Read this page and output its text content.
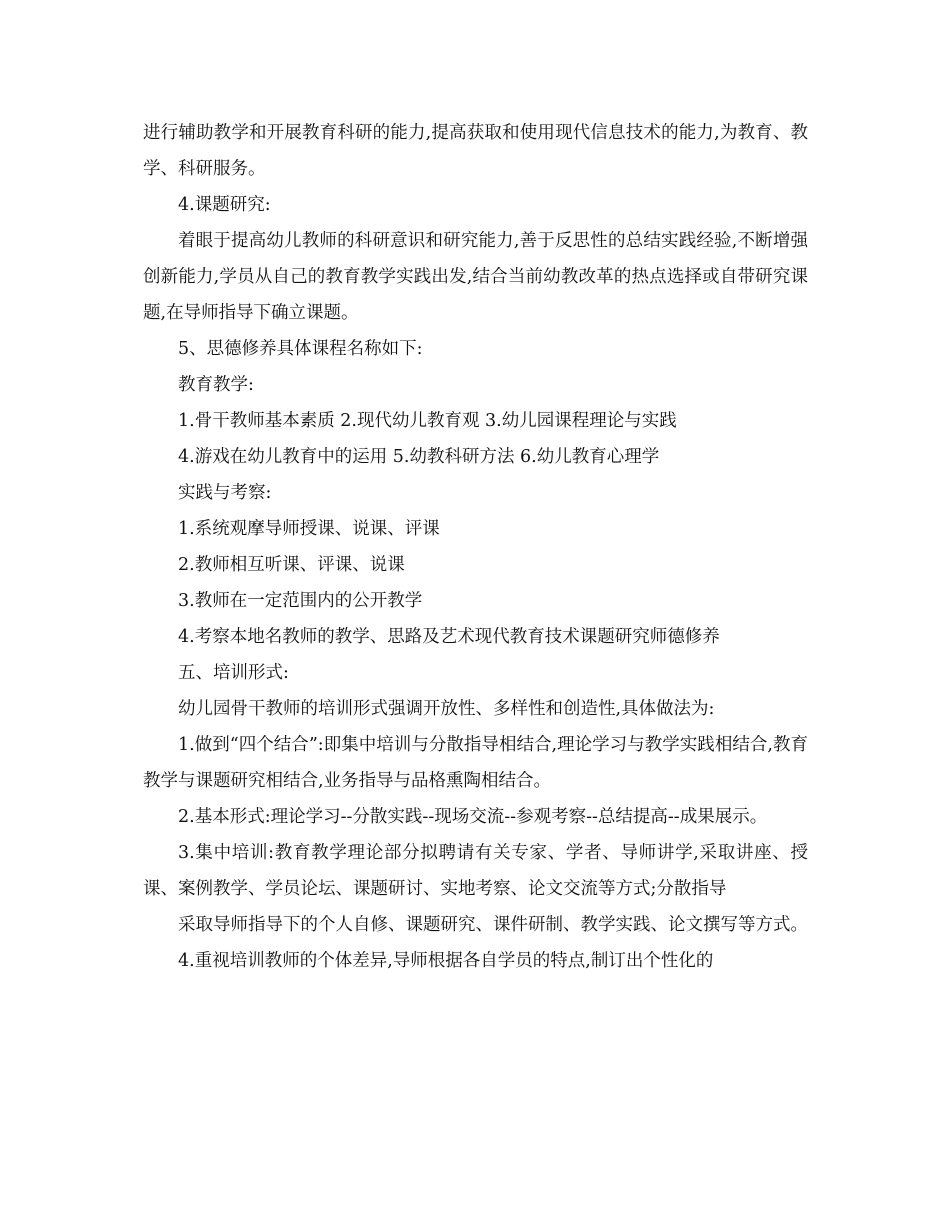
进行辅助教学和开展教育科研的能力,提高获取和使用现代信息技术的能力,为教育、教学、科研服务。

4.课题研究:

着眼于提高幼儿教师的科研意识和研究能力,善于反思性的总结实践经验,不断增强创新能力,学员从自己的教育教学实践出发,结合当前幼教改革的热点选择或自带研究课题,在导师指导下确立课题。

5、思德修养具体课程名称如下:

教育教学:

1.骨干教师基本素质 2.现代幼儿教育观 3.幼儿园课程理论与实践

4.游戏在幼儿教育中的运用 5.幼教科研方法 6.幼儿教育心理学

实践与考察:

1.系统观摩导师授课、说课、评课

2.教师相互听课、评课、说课

3.教师在一定范围内的公开教学

4.考察本地名教师的教学、思路及艺术现代教育技术课题研究师德修养

五、培训形式:

幼儿园骨干教师的培训形式强调开放性、多样性和创造性,具体做法为:

1.做到“四个结合”:即集中培训与分散指导相结合,理论学习与教学实践相结合,教育教学与课题研究相结合,业务指导与品格熏陶相结合。

2.基本形式:理论学习--分散实践--现场交流--参观考察--总结提高--成果展示。

3.集中培训:教育教学理论部分拟聘请有关专家、学者、导师讲学,采取讲座、授课、案例教学、学员论坛、课题研讨、实地考察、论文交流等方式;分散指导

采取导师指导下的个人自修、课题研究、课件研制、教学实践、论文撰写等方式。

4.重视培训教师的个体差异,导师根据各自学员的特点,制订出个性化的
